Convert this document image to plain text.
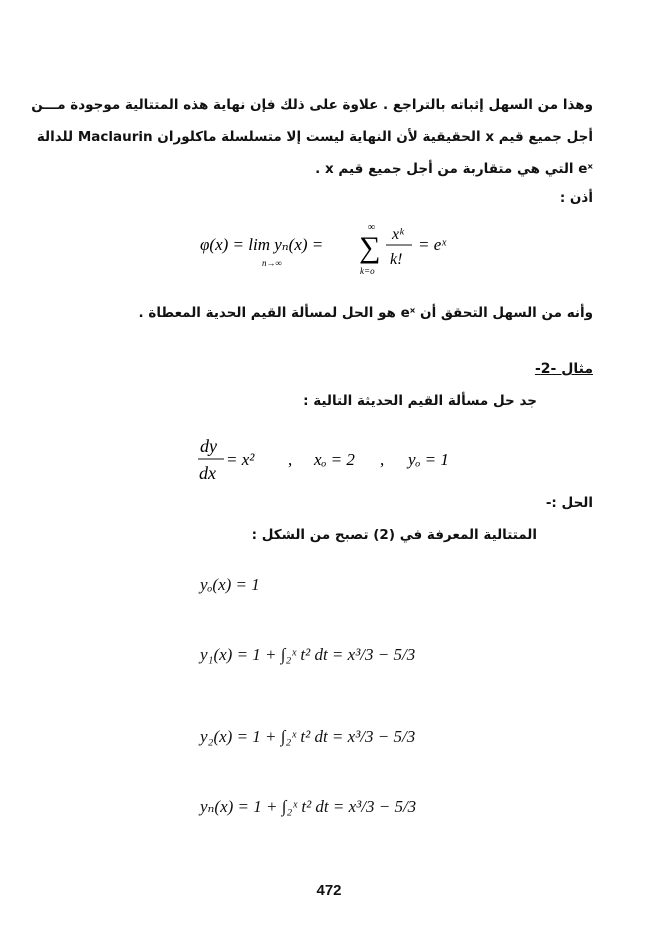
وهذا من السهل إثباته بالتراجع . علاوة على ذلك فإن نهاية هذه المتتالية موجودة مـــن
أجل جميع قيم x الحقيقية لأن النهاية ليست إلا متسلسلة ماكلوران Maclaurin للدالة
eˣ التي هي متقاربة من أجل جميع قيم x .
أذن :
φ(x) = lim yₙ(x) =
n→∞
∞
∑
k=o
xᵏ
k!
= eˣ
وأنه من السهل التحقق أن eˣ هو الحل لمسألة القيم الحدية المعطاة .
مثال -2-
جد حل مسألة القيم الحديثة التالية :
dy
dx
= x² , xₒ = 2 , yₒ = 1
الحل :-
المتتالية المعرفة في (2) تصبح من الشكل :
yₒ(x) = 1
y₁(x) = 1 + ∫₂ˣ t² dt = x³/3 − 5/3
y₂(x) = 1 + ∫₂ˣ t² dt = x³/3 − 5/3
yₙ(x) = 1 + ∫₂ˣ t² dt = x³/3 − 5/3
472
